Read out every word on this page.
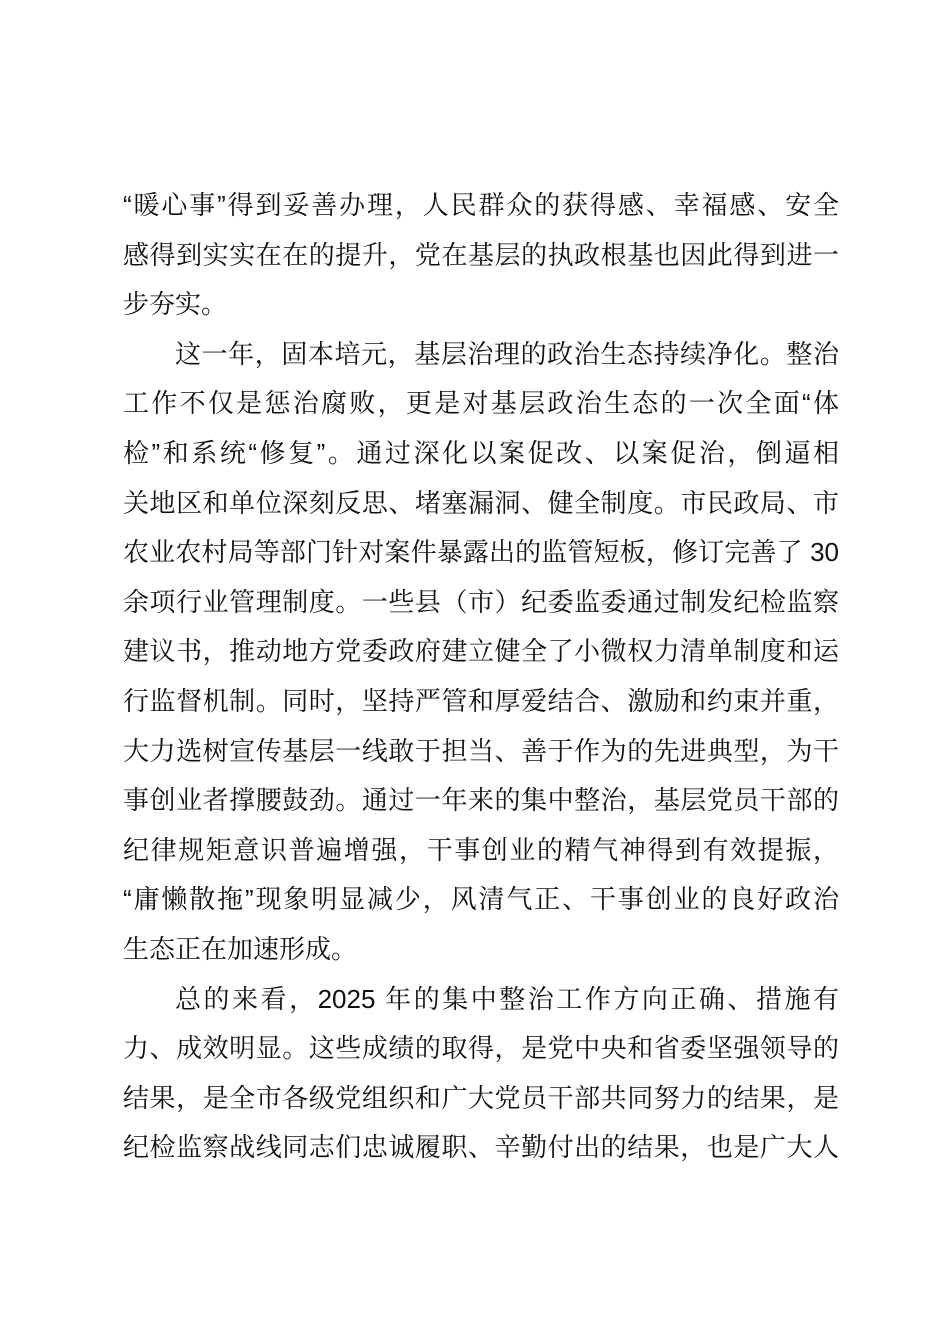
“暖心事”得到妥善办理，人民群众的获得感、幸福感、安全
感得到实实在在的提升，党在基层的执政根基也因此得到进一
步夯实。
这一年，固本培元，基层治理的政治生态持续净化。整治
工作不仅是惩治腐败，更是对基层政治生态的一次全面“体
检”和系统“修复”。通过深化以案促改、以案促治，倒逼相
关地区和单位深刻反思、堵塞漏洞、健全制度。市民政局、市
农业农村局等部门针对案件暴露出的监管短板，修订完善了 30
余项行业管理制度。一些县（市）纪委监委通过制发纪检监察
建议书，推动地方党委政府建立健全了小微权力清单制度和运
行监督机制。同时，坚持严管和厚爱结合、激励和约束并重，
大力选树宣传基层一线敢于担当、善于作为的先进典型，为干
事创业者撑腰鼓劲。通过一年来的集中整治，基层党员干部的
纪律规矩意识普遍增强，干事创业的精气神得到有效提振，
“庸懒散拖”现象明显减少，风清气正、干事创业的良好政治
生态正在加速形成。
总的来看，2025 年的集中整治工作方向正确、措施有
力、成效明显。这些成绩的取得，是党中央和省委坚强领导的
结果，是全市各级党组织和广大党员干部共同努力的结果，是
纪检监察战线同志们忠诚履职、辛勤付出的结果，也是广大人
